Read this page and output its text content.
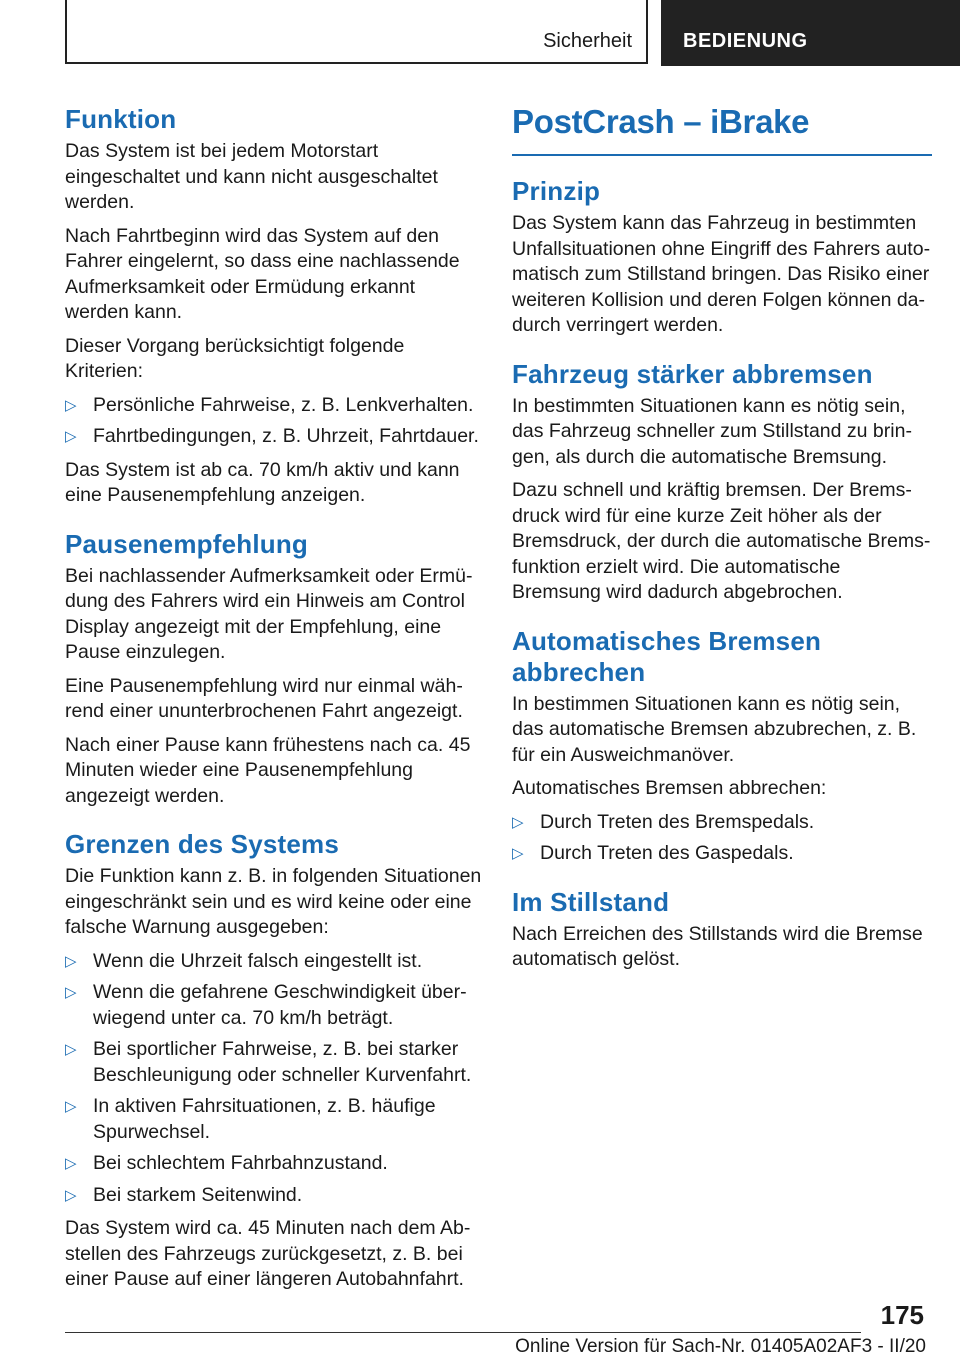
Sicherheit	BEDIENUNG
Funktion

Das System ist bei jedem Motorstart eingeschaltet und kann nicht ausgeschaltet werden.

Nach Fahrtbeginn wird das System auf den Fahrer eingelernt, so dass eine nachlassende Aufmerksamkeit oder Ermüdung erkannt werden kann.

Dieser Vorgang berücksichtigt folgende Kriterien:

▷ Persönliche Fahrweise, z. B. Lenkverhalten.
▷ Fahrtbedingungen, z. B. Uhrzeit, Fahrtdauer.

Das System ist ab ca. 70 km/h aktiv und kann eine Pausenempfehlung anzeigen.

Pausenempfehlung

Bei nachlassender Aufmerksamkeit oder Ermüdung des Fahrers wird ein Hinweis am Control Display angezeigt mit der Empfehlung, eine Pause einzulegen.

Eine Pausenempfehlung wird nur einmal während einer ununterbrochenen Fahrt angezeigt.

Nach einer Pause kann frühestens nach ca. 45 Minuten wieder eine Pausenempfehlung angezeigt werden.

Grenzen des Systems

Die Funktion kann z. B. in folgenden Situationen eingeschränkt sein und es wird keine oder eine falsche Warnung ausgegeben:

▷ Wenn die Uhrzeit falsch eingestellt ist.
▷ Wenn die gefahrene Geschwindigkeit überwiegend unter ca. 70 km/h beträgt.
▷ Bei sportlicher Fahrweise, z. B. bei starker Beschleunigung oder schneller Kurvenfahrt.
▷ In aktiven Fahrsituationen, z. B. häufige Spurwechsel.
▷ Bei schlechtem Fahrbahnzustand.
▷ Bei starkem Seitenwind.

Das System wird ca. 45 Minuten nach dem Abstellen des Fahrzeugs zurückgesetzt, z. B. bei einer Pause auf einer längeren Autobahnfahrt.

PostCrash – iBrake
Prinzip

Das System kann das Fahrzeug in bestimmten Unfallsituationen ohne Eingriff des Fahrers automatisch zum Stillstand bringen. Das Risiko einer weiteren Kollision und deren Folgen können dadurch verringert werden.

Fahrzeug stärker abbremsen

In bestimmten Situationen kann es nötig sein, das Fahrzeug schneller zum Stillstand zu bringen, als durch die automatische Bremsung.

Dazu schnell und kräftig bremsen. Der Bremsdruck wird für eine kurze Zeit höher als der Bremsdruck, der durch die automatische Bremsfunktion erzielt wird. Die automatische Bremsung wird dadurch abgebrochen.

Automatisches Bremsen abbrechen

In bestimmen Situationen kann es nötig sein, das automatische Bremsen abzubrechen, z. B. für ein Ausweichmanöver.

Automatisches Bremsen abbrechen:

▷ Durch Treten des Bremspedals.
▷ Durch Treten des Gaspedals.
Im Stillstand

Nach Erreichen des Stillstands wird die Bremse automatisch gelöst.

175
Online Version für Sach-Nr. 01405A02AF3 - II/20
